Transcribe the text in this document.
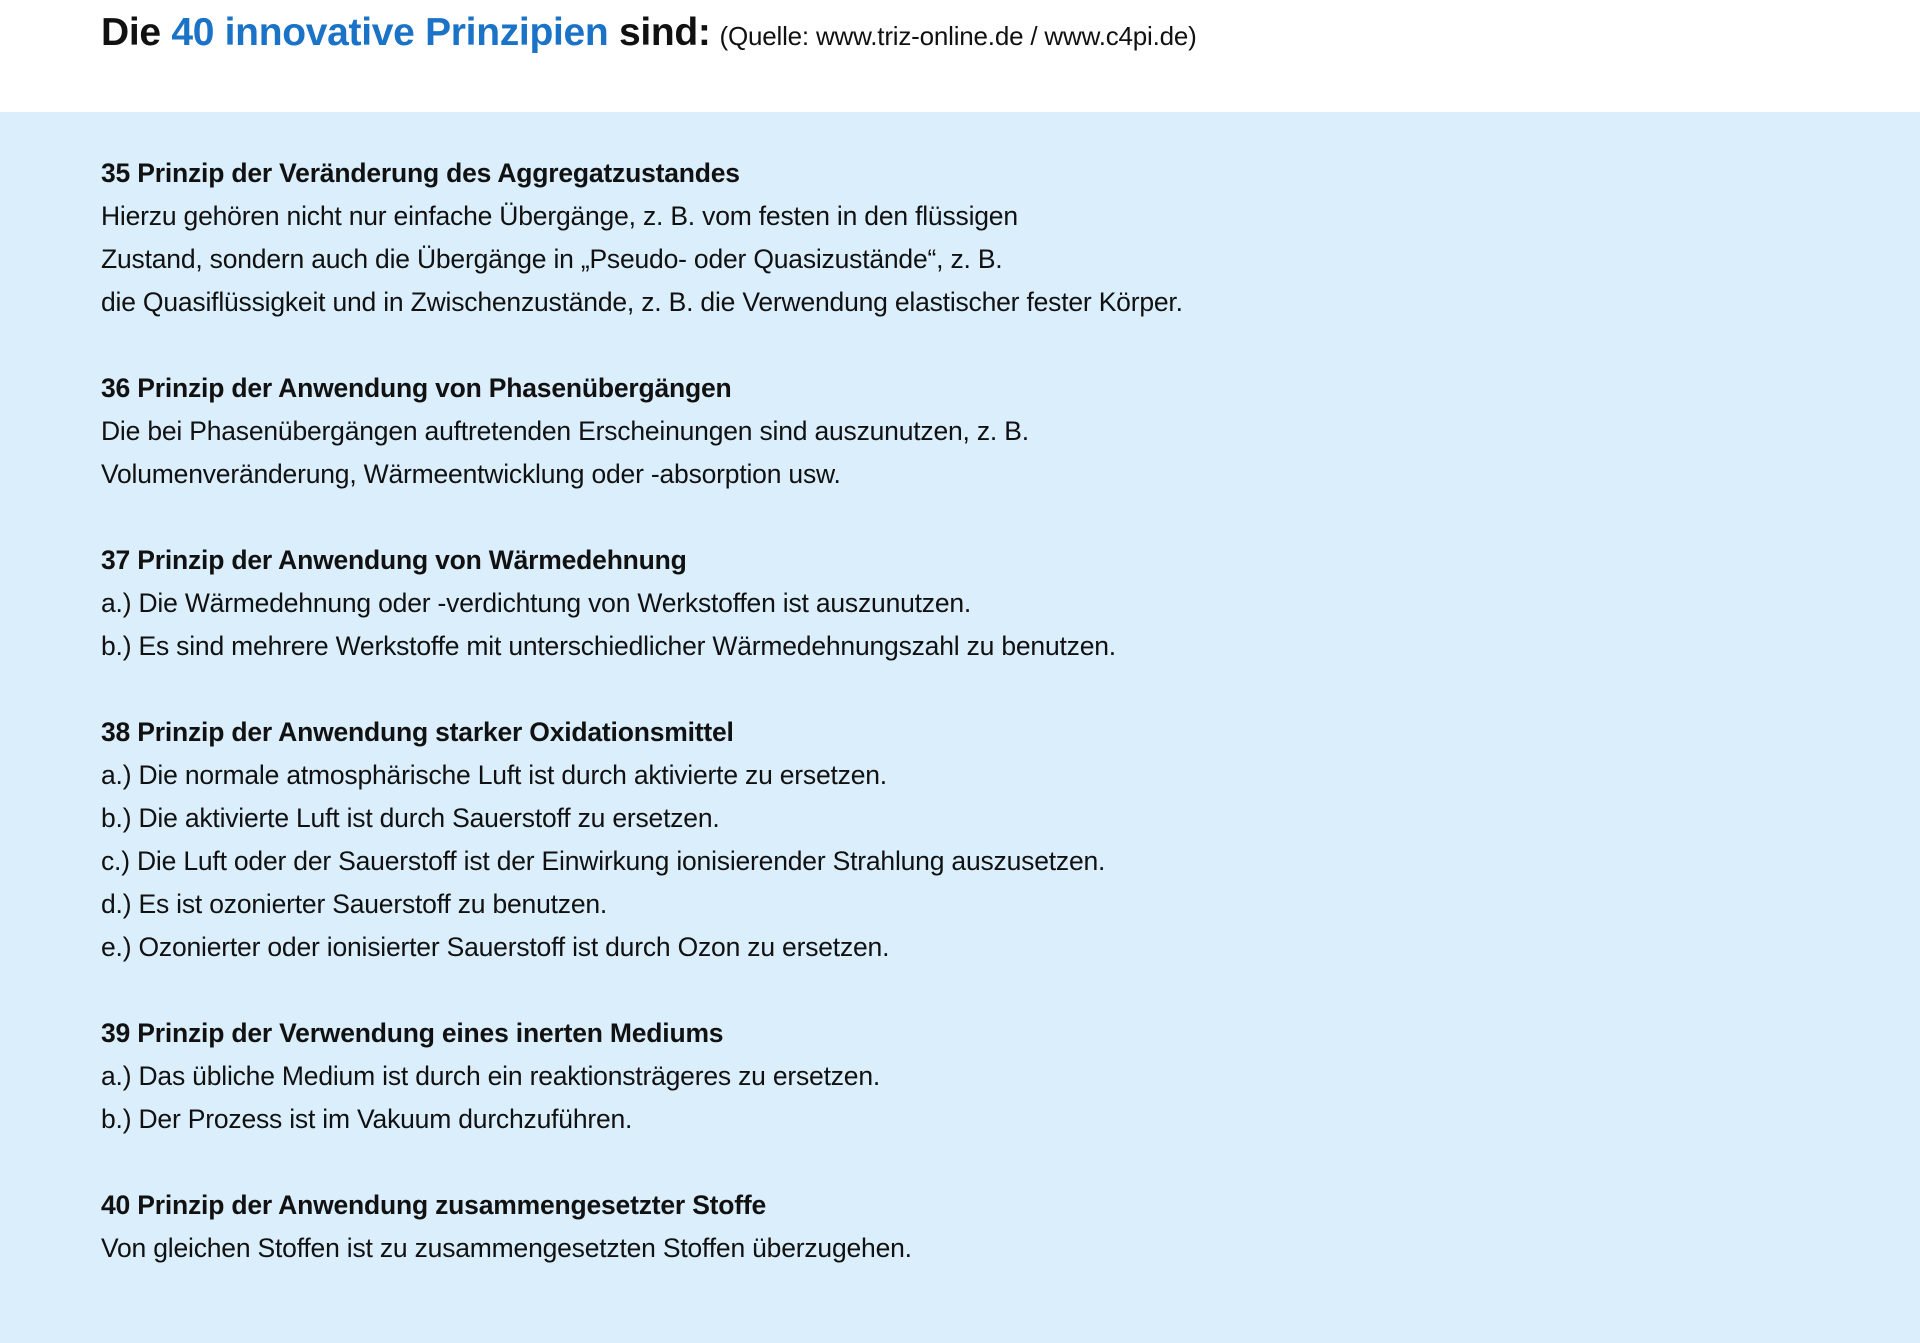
Die 40 innovative Prinzipien sind: (Quelle: www.triz-online.de / www.c4pi.de)
35 Prinzip der Veränderung des Aggregatzustandes
Hierzu gehören nicht nur einfache Übergänge, z. B. vom festen in den flüssigen
Zustand, sondern auch die Übergänge in „Pseudo- oder Quasizustände“, z. B.
die Quasiflüssigkeit und in Zwischenzustände, z. B. die Verwendung elastischer fester Körper.
36 Prinzip der Anwendung von Phasenübergängen
Die bei Phasenübergängen auftretenden Erscheinungen sind auszunutzen, z. B.
Volumenveränderung, Wärmeentwicklung oder -absorption usw.
37 Prinzip der Anwendung von Wärmedehnung
a.) Die Wärmedehnung oder -verdichtung von Werkstoffen ist auszunutzen.
b.) Es sind mehrere Werkstoffe mit unterschiedlicher Wärmedehnungszahl zu benutzen.
38 Prinzip der Anwendung starker Oxidationsmittel
a.) Die normale atmosphärische Luft ist durch aktivierte zu ersetzen.
b.) Die aktivierte Luft ist durch Sauerstoff zu ersetzen.
c.) Die Luft oder der Sauerstoff ist der Einwirkung ionisierender Strahlung auszusetzen.
d.) Es ist ozonierter Sauerstoff zu benutzen.
e.) Ozonierter oder ionisierter Sauerstoff ist durch Ozon zu ersetzen.
39 Prinzip der Verwendung eines inerten Mediums
a.) Das übliche Medium ist durch ein reaktionsträgeres zu ersetzen.
b.) Der Prozess ist im Vakuum durchzuführen.
40 Prinzip der Anwendung zusammengesetzter Stoffe
Von gleichen Stoffen ist zu zusammengesetzten Stoffen überzugehen.
